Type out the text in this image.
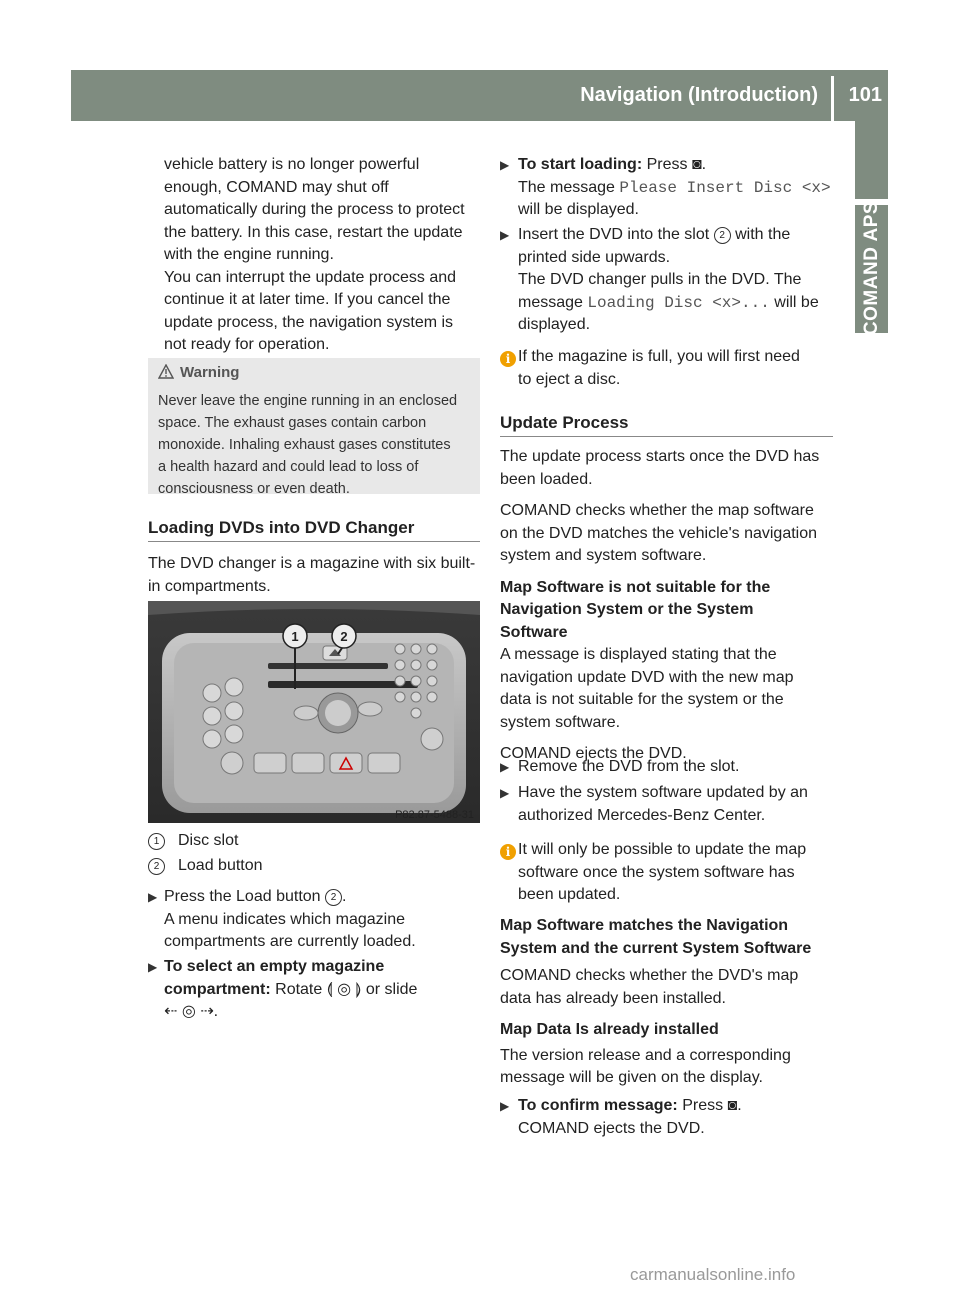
Navigation (Introduction) 101
COMAND APS

vehicle battery is no longer powerful

enough, COMAND may shut off

automatically during the process to protect

the battery. In this case, restart the update

with the engine running.

You can interrupt the update process and

continue it at later time. If you cancel the

update process, the navigation system is

not ready for operation.

Warning
Never leave the engine running in an enclosed
space. The exhaust gases contain carbon
monoxide. Inhaling exhaust gases constitutes
a health hazard and could lead to loss of
consciousness or even death.
Loading DVDs into DVD Changer

The DVD changer is a magazine with six built-

in compartments.

1	2
P82.87-5488-31
1 Disc slot
2 Load button
▶ Press the Load button 2 .

A menu indicates which magazine

compartments are currently loaded.

▶ To select an empty magazine

compartment: Rotate ⟬ ◎ ⟭ or slide

⇠ ◎ ⇢.

▶ To start loading: Press ◙.

The message Please Insert Disc <x>

will be displayed.

▶ Insert the DVD into the slot 2 with the

printed side upwards.

The DVD changer pulls in the DVD. The

message Loading Disc <x>... will be

displayed.

i If the magazine is full, you will first need

to eject a disc.

Update Process

The update process starts once the DVD has

been loaded.

COMAND checks whether the map software

on the DVD matches the vehicle's navigation

system and system software.

Map Software is not suitable for the

Navigation System or the System

Software

A message is displayed stating that the

navigation update DVD with the new map

data is not suitable for the system or the

system software.

COMAND ejects the DVD.

▶ Remove the DVD from the slot.

▶ Have the system software updated by an

authorized Mercedes-Benz Center.

i It will only be possible to update the map

software once the system software has

been updated.

Map Software matches the Navigation

System and the current System Software

COMAND checks whether the DVD's map

data has already been installed.

Map Data Is already installed

The version release and a corresponding

message will be given on the display.

▶ To confirm message: Press ◙.

COMAND ejects the DVD.

carmanualsonline.info
